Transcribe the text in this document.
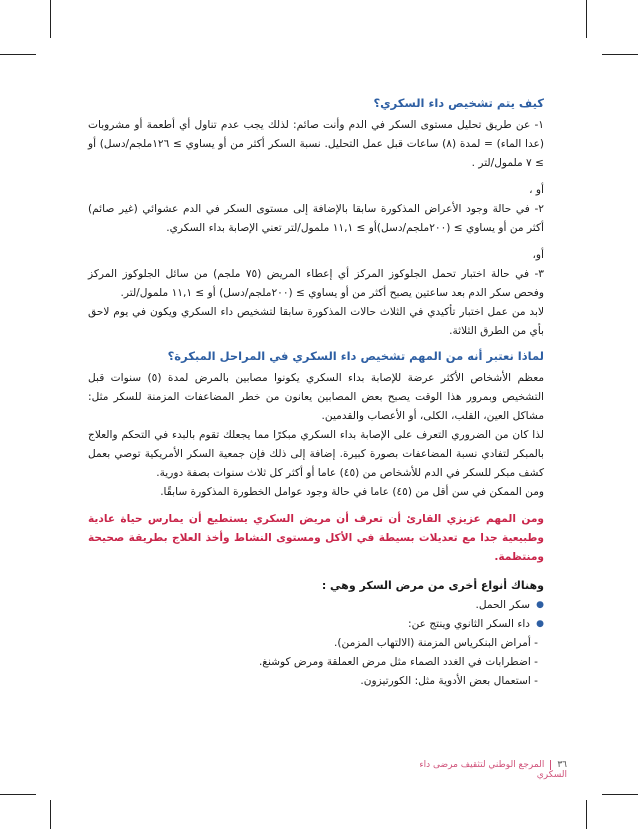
كيف يتم تشخيص داء السكري؟

١- عن طريق تحليل مستوى السكر في الدم وأنت صائم: لذلك يجب عدم تناول أي أطعمة أو مشروبات (عدا الماء) = لمدة (٨) ساعات قبل عمل التحليل. نسبة السكر أكثر من أو يساوي ≥ ١٢٦ملجم/دسل) أو ≥ ٧ ملمول/لتر .

أو ،

٢- في حالة وجود الأعراض المذكورة سابقا بالإضافة إلى مستوى السكر في الدم عشوائي (غير صائم) أكثر من أو يساوي ≥ (٢٠٠ملجم/دسل)أو ≥ ١١,١ ملمول/لتر تعني الإصابة بداء السكري.

أو،

٣- في حالة اختبار تحمل الجلوكوز المركز أي إعطاء المريض (٧٥ ملجم) من سائل الجلوكوز المركز وفحص سكر الدم بعد ساعتين يصبح أكثر من أو يساوي ≥ (٢٠٠ملجم/دسل) أو ≥ ١١,١ ملمول/لتر.

لابد من عمل اختبار تأكيدي في الثلاث حالات المذكورة سابقا لتشخيص داء السكري ويكون في يوم لاحق بأي من الطرق الثلاثة.

لماذا نعتبر أنه من المهم تشخيص داء السكري في المراحل المبكرة؟

معظم الأشخاص الأكثر عرضة للإصابة بداء السكري يكونوا مصابين بالمرض لمدة (٥) سنوات قبل التشخيص وبمرور هذا الوقت يصبح بعض المصابين يعانون من خطر المضاعفات المزمنة للسكر مثل: مشاكل العين، القلب، الكلى، أو الأعصاب والقدمين.

لذا كان من الضروري التعرف على الإصابة بداء السكري مبكرًا مما يجعلك تقوم بالبدء في التحكم والعلاج بالمبكر لتفادي نسبة المضاعفات بصورة كبيرة. إضافة إلى ذلك فإن جمعية السكر الأمريكية توصي بعمل كشف مبكر للسكر في الدم للأشخاص من (٤٥) عاما أو أكثر كل ثلاث سنوات بصفة دورية.

ومن الممكن في سن أقل من (٤٥) عاما في حالة وجود عوامل الخطورة المذكورة سابقًا.

ومن المهم عزيزي القارئ أن تعرف أن مريض السكري يستطيع أن يمارس حياة عادية وطبيعية جدا مع تعديلات بسيطة في الأكل ومستوى النشاط وأخذ العلاج بطريقة صحيحة ومنتظمة.

وهناك أنواع أخرى من مرض السكر وهي :
● سكر الحمل.
● داء السكر الثانوي وينتج عن:
- أمراض البنكرياس المزمنة (الالتهاب المزمن).
- اضطرابات في الغدد الصماء مثل مرض العملقة ومرض كوشنغ.
- استعمال بعض الأدوية مثل: الكورتيزون.
٣٦المرجع الوطني لتثقيف مرضى داء السكري
